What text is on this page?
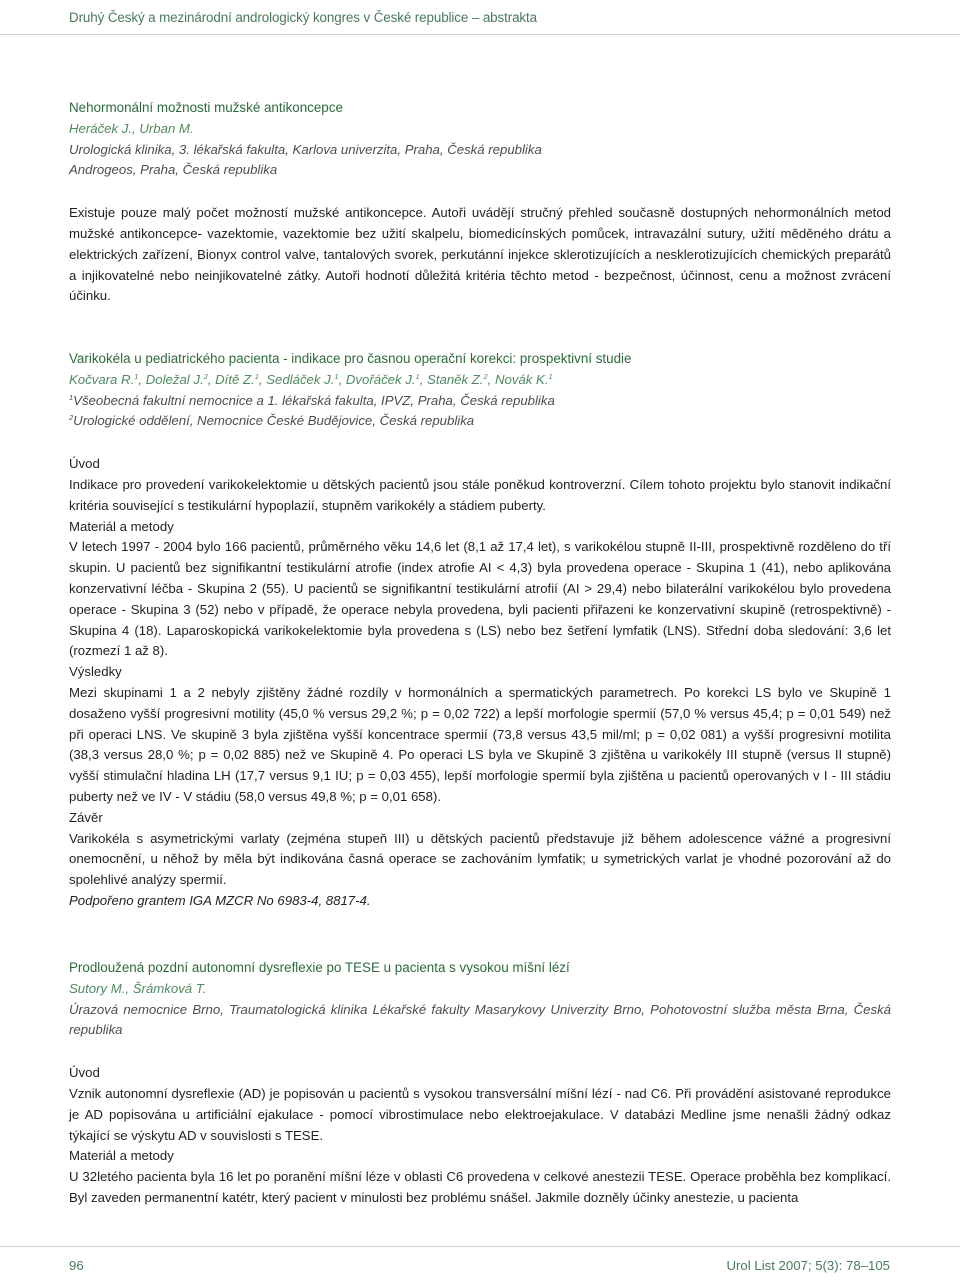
Druhý Český a mezinárodní andrologický kongres v České republice – abstrakta

Nehormonální možnosti mužské antikoncepce

Heráček J., Urban M.

Urologická klinika, 3. lékařská fakulta, Karlova univerzita, Praha, Česká republika

Androgeos, Praha, Česká republika

Existuje pouze malý počet možností mužské antikoncepce. Autoři uvádějí stručný přehled současně dostupných nehormonálních metod mužské antikoncepce- vazektomie, vazektomie bez užití skalpelu, biomedicínských pomůcek, intravazální sutury, užití měděného drátu a elektrických zařízení, Bionyx control valve, tantalových svorek, perkutánní injekce sklerotizujících a nesklerotizujících chemických preparátů a injikovatelné nebo neinjikovatelné zátky. Autoři hodnotí důležitá kritéria těchto metod - bezpečnost, účinnost, cenu a možnost zvrácení účinku.

Varikokéla u pediatrického pacienta - indikace pro časnou operační korekci: prospektivní studie

Kočvara R.$^1$, Doležal J.$^2$, Dítě Z.$^1$, Sedláček J.$^1$, Dvořáček J.$^1$, Staněk Z.$^2$, Novák K.$^1$

$^1$Všeobecná fakultní nemocnice a 1. lékařská fakulta, IPVZ, Praha, Česká republika

$^2$Urologické oddělení, Nemocnice České Budějovice, Česká republika

Úvod

Indikace pro provedení varikokelektomie u dětských pacientů jsou stále poněkud kontroverzní. Cílem tohoto projektu bylo stanovit indikační kritéria související s testikulární hypoplazií, stupněm varikokély a stádiem puberty.

Materiál a metody

V letech 1997 - 2004 bylo 166 pacientů, průměrného věku 14,6 let (8,1 až 17,4 let), s varikokélou stupně II-III, prospektivně rozděleno do tří skupin. U pacientů bez signifikantní testikulární atrofie (index atrofie AI < 4,3) byla provedena operace - Skupina 1 (41), nebo aplikována konzervativní léčba - Skupina 2 (55). U pacientů se signifikantní testikulární atrofií (AI > 29,4) nebo bilaterální varikokélou bylo provedena operace - Skupina 3 (52) nebo v případě, že operace nebyla provedena, byli pacienti přiřazeni ke konzervativní skupině (retrospektivně) - Skupina 4 (18). Laparoskopická varikokelektomie byla provedena s (LS) nebo bez šetření lymfatik (LNS). Střední doba sledování: 3,6 let (rozmezí 1 až 8).

Výsledky

Mezi skupinami 1 a 2 nebyly zjištěny žádné rozdíly v hormonálních a spermatických parametrech. Po korekci LS bylo ve Skupině 1 dosaženo vyšší progresivní motility (45,0 % versus 29,2 %; p = 0,02 722) a lepší morfologie spermií (57,0 % versus 45,4; p = 0,01 549) než při operaci LNS. Ve skupině 3 byla zjištěna vyšší koncentrace spermií (73,8 versus 43,5 mil/ml; p = 0,02 081) a vyšší progresivní motilita (38,3 versus 28,0 %; p = 0,02 885) než ve Skupině 4. Po operaci LS byla ve Skupině 3 zjištěna u varikokély III stupně (versus II stupně) vyšší stimulační hladina LH (17,7 versus 9,1 IU; p = 0,03 455), lepší morfologie spermií byla zjištěna u pacientů operovaných v I - III stádiu puberty než ve IV - V stádiu (58,0 versus 49,8 %; p = 0,01 658).

Závěr

Varikokéla s asymetrickými varlaty (zejména stupeň III) u dětských pacientů představuje již během adolescence vážné a progresivní onemocnění, u něhož by měla být indikována časná operace se zachováním lymfatik; u symetrických varlat je vhodné pozorování až do spolehlivé analýzy spermií.

Podpořeno grantem IGA MZCR No 6983-4, 8817-4.

Prodloužená pozdní autonomní dysreflexie po TESE u pacienta s vysokou míšní lézí

Sutory M., Šrámková T.

Úrazová nemocnice Brno, Traumatologická klinika Lékařské fakulty Masarykovy Univerzity Brno, Pohotovostní služba města Brna, Česká republika

Úvod

Vznik autonomní dysreflexie (AD) je popisován u pacientů s vysokou transversální míšní lézí - nad C6. Při provádění asistované reprodukce je AD popisována u artificiální ejakulace - pomocí vibrostimulace nebo elektroejakulace. V databázi Medline jsme nenašli žádný odkaz týkající se výskytu AD v souvislosti s TESE.

Materiál a metody

U 32letého pacienta byla 16 let po poranění míšní léze v oblasti C6 provedena v celkové anestezii TESE. Operace proběhla bez komplikací. Byl zaveden permanentní katétr, který pacient v minulosti bez problému snášel. Jakmile dozněly účinky anestezie, u pacienta

96	Urol List 2007; 5(3): 78–105
